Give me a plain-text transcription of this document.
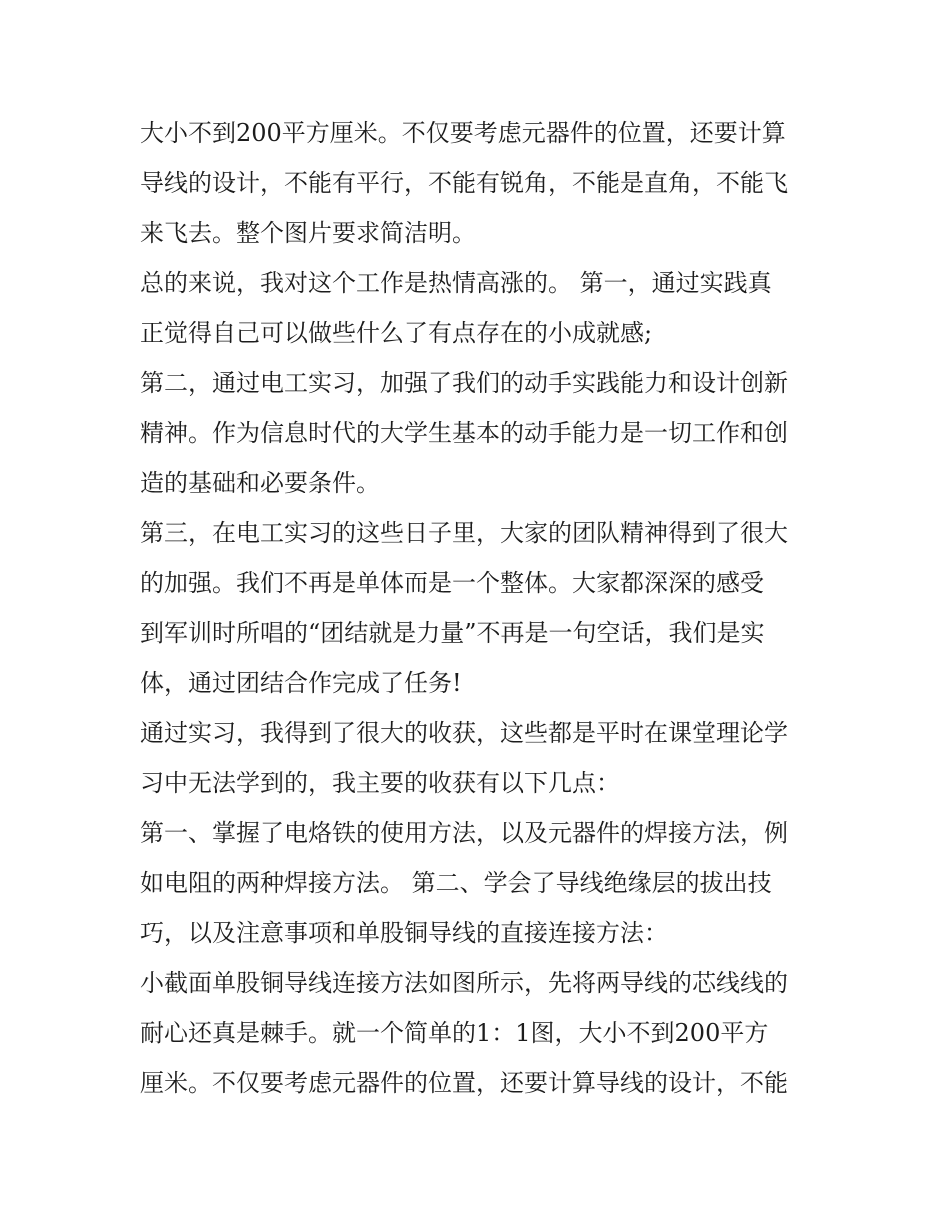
大小不到200平方厘米。不仅要考虑元器件的位置，还要计算
导线的设计，不能有平行，不能有锐角，不能是直角，不能飞
来飞去。整个图片要求简洁明。
总的来说，我对这个工作是热情高涨的。 第一，通过实践真
正觉得自己可以做些什么了有点存在的小成就感;
第二，通过电工实习，加强了我们的动手实践能力和设计创新
精神。作为信息时代的大学生基本的动手能力是一切工作和创
造的基础和必要条件。
第三，在电工实习的这些日子里，大家的团队精神得到了很大
的加强。我们不再是单体而是一个整体。大家都深深的感受
到军训时所唱的“团结就是力量”不再是一句空话，我们是实
体，通过团结合作完成了任务!
通过实习，我得到了很大的收获，这些都是平时在课堂理论学
习中无法学到的，我主要的收获有以下几点：
第一、掌握了电烙铁的使用方法，以及元器件的焊接方法，例
如电阻的两种焊接方法。 第二、学会了导线绝缘层的拔出技
巧，以及注意事项和单股铜导线的直接连接方法：
小截面单股铜导线连接方法如图所示，先将两导线的芯线线的
耐心还真是棘手。就一个简单的1：1图，大小不到200平方
厘米。不仅要考虑元器件的位置，还要计算导线的设计，不能
